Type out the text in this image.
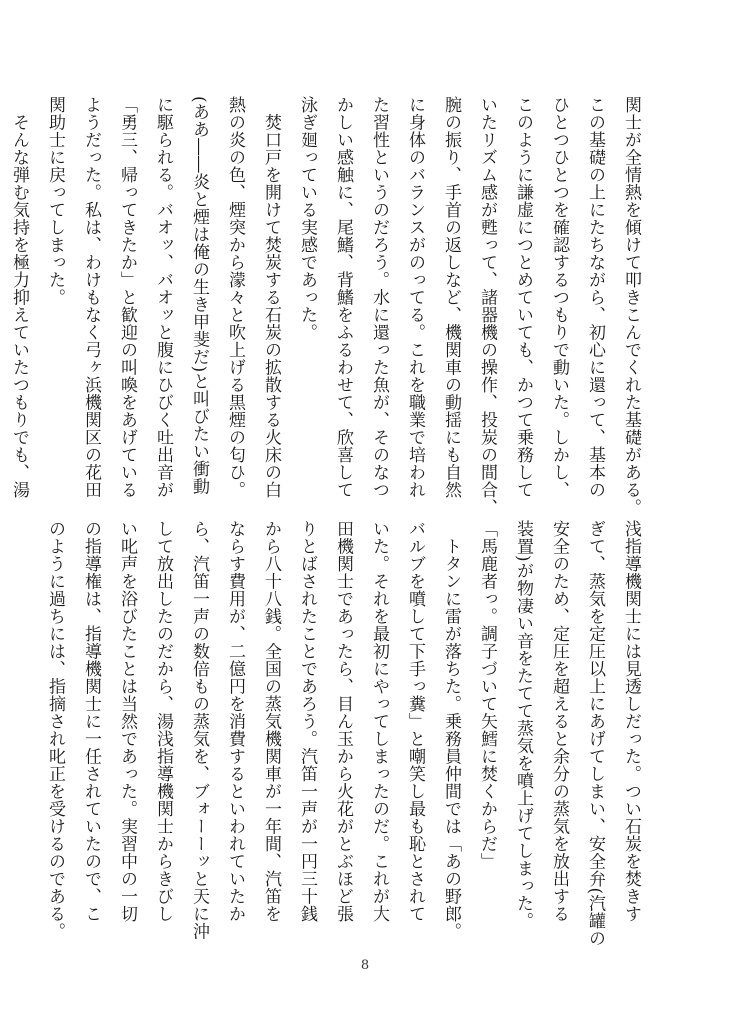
関士が全情熱を傾けて叩きこんでくれた基礎がある。
この基礎の上にたちながら、初心に還って、基本の
ひとつひとつを確認するつもりで動いた。しかし、
このように謙虚につとめていても、かつて乗務して
いたリズム感が甦って、諸器機の操作、投炭の間合、
腕の振り、手首の返しなど、機関車の動揺にも自然
に身体のバランスがのってる。これを職業で培われ
た習性というのだろう。水に還った魚が、そのなつ
かしい感触に、尾鰭、背鰭をふるわせて、欣喜して
泳ぎ廻っている実感であった。
　焚口戸を開けて焚炭する石炭の拡散する火床の白
熱の炎の色、煙突から濛々と吹上げる黒煙の匂ひ。
(ああ――炎と煙は俺の生き甲斐だ)と叫びたい衝動
に駆られる。バオッ、バオッと腹にひびく吐出音が
「勇三、帰ってきたか」と歓迎の叫喚をあげている
ようだった。私は、わけもなく弓ヶ浜機関区の花田
関助士に戻ってしまった。
　そんな弾む気持を極力抑えていたつもりでも、湯
浅指導機関士には見透しだった。つい石炭を焚きす
ぎて、蒸気を定圧以上にあげてしまい、安全弁(汽罐の
安全のため、定圧を超えると余分の蒸気を放出する
装置)が物凄い音をたてて蒸気を噴上げてしまった。
「馬鹿者っ。調子づいて矢鱈に焚くからだ」
　トタンに雷が落ちた。乗務員仲間では「あの野郎。
バルブを噴して下手っ糞」と嘲笑し最も恥とされて
いた。それを最初にやってしまったのだ。これが大
田機関士であったら、目ん玉から火花がとぶほど張
りとばされたことであろう。汽笛一声が一円三十銭
から八十八銭。全国の蒸気機関車が一年間、汽笛を
ならす費用が、二億円を消費するといわれていたか
ら、汽笛一声の数倍もの蒸気を、ブォーーッと天に沖
して放出したのだから、湯浅指導機関士からきびし
い叱声を浴びたことは当然であった。実習中の一切
の指導権は、指導機関士に一任されていたので、こ
のように過ちには、指摘され叱正を受けるのである。
8
